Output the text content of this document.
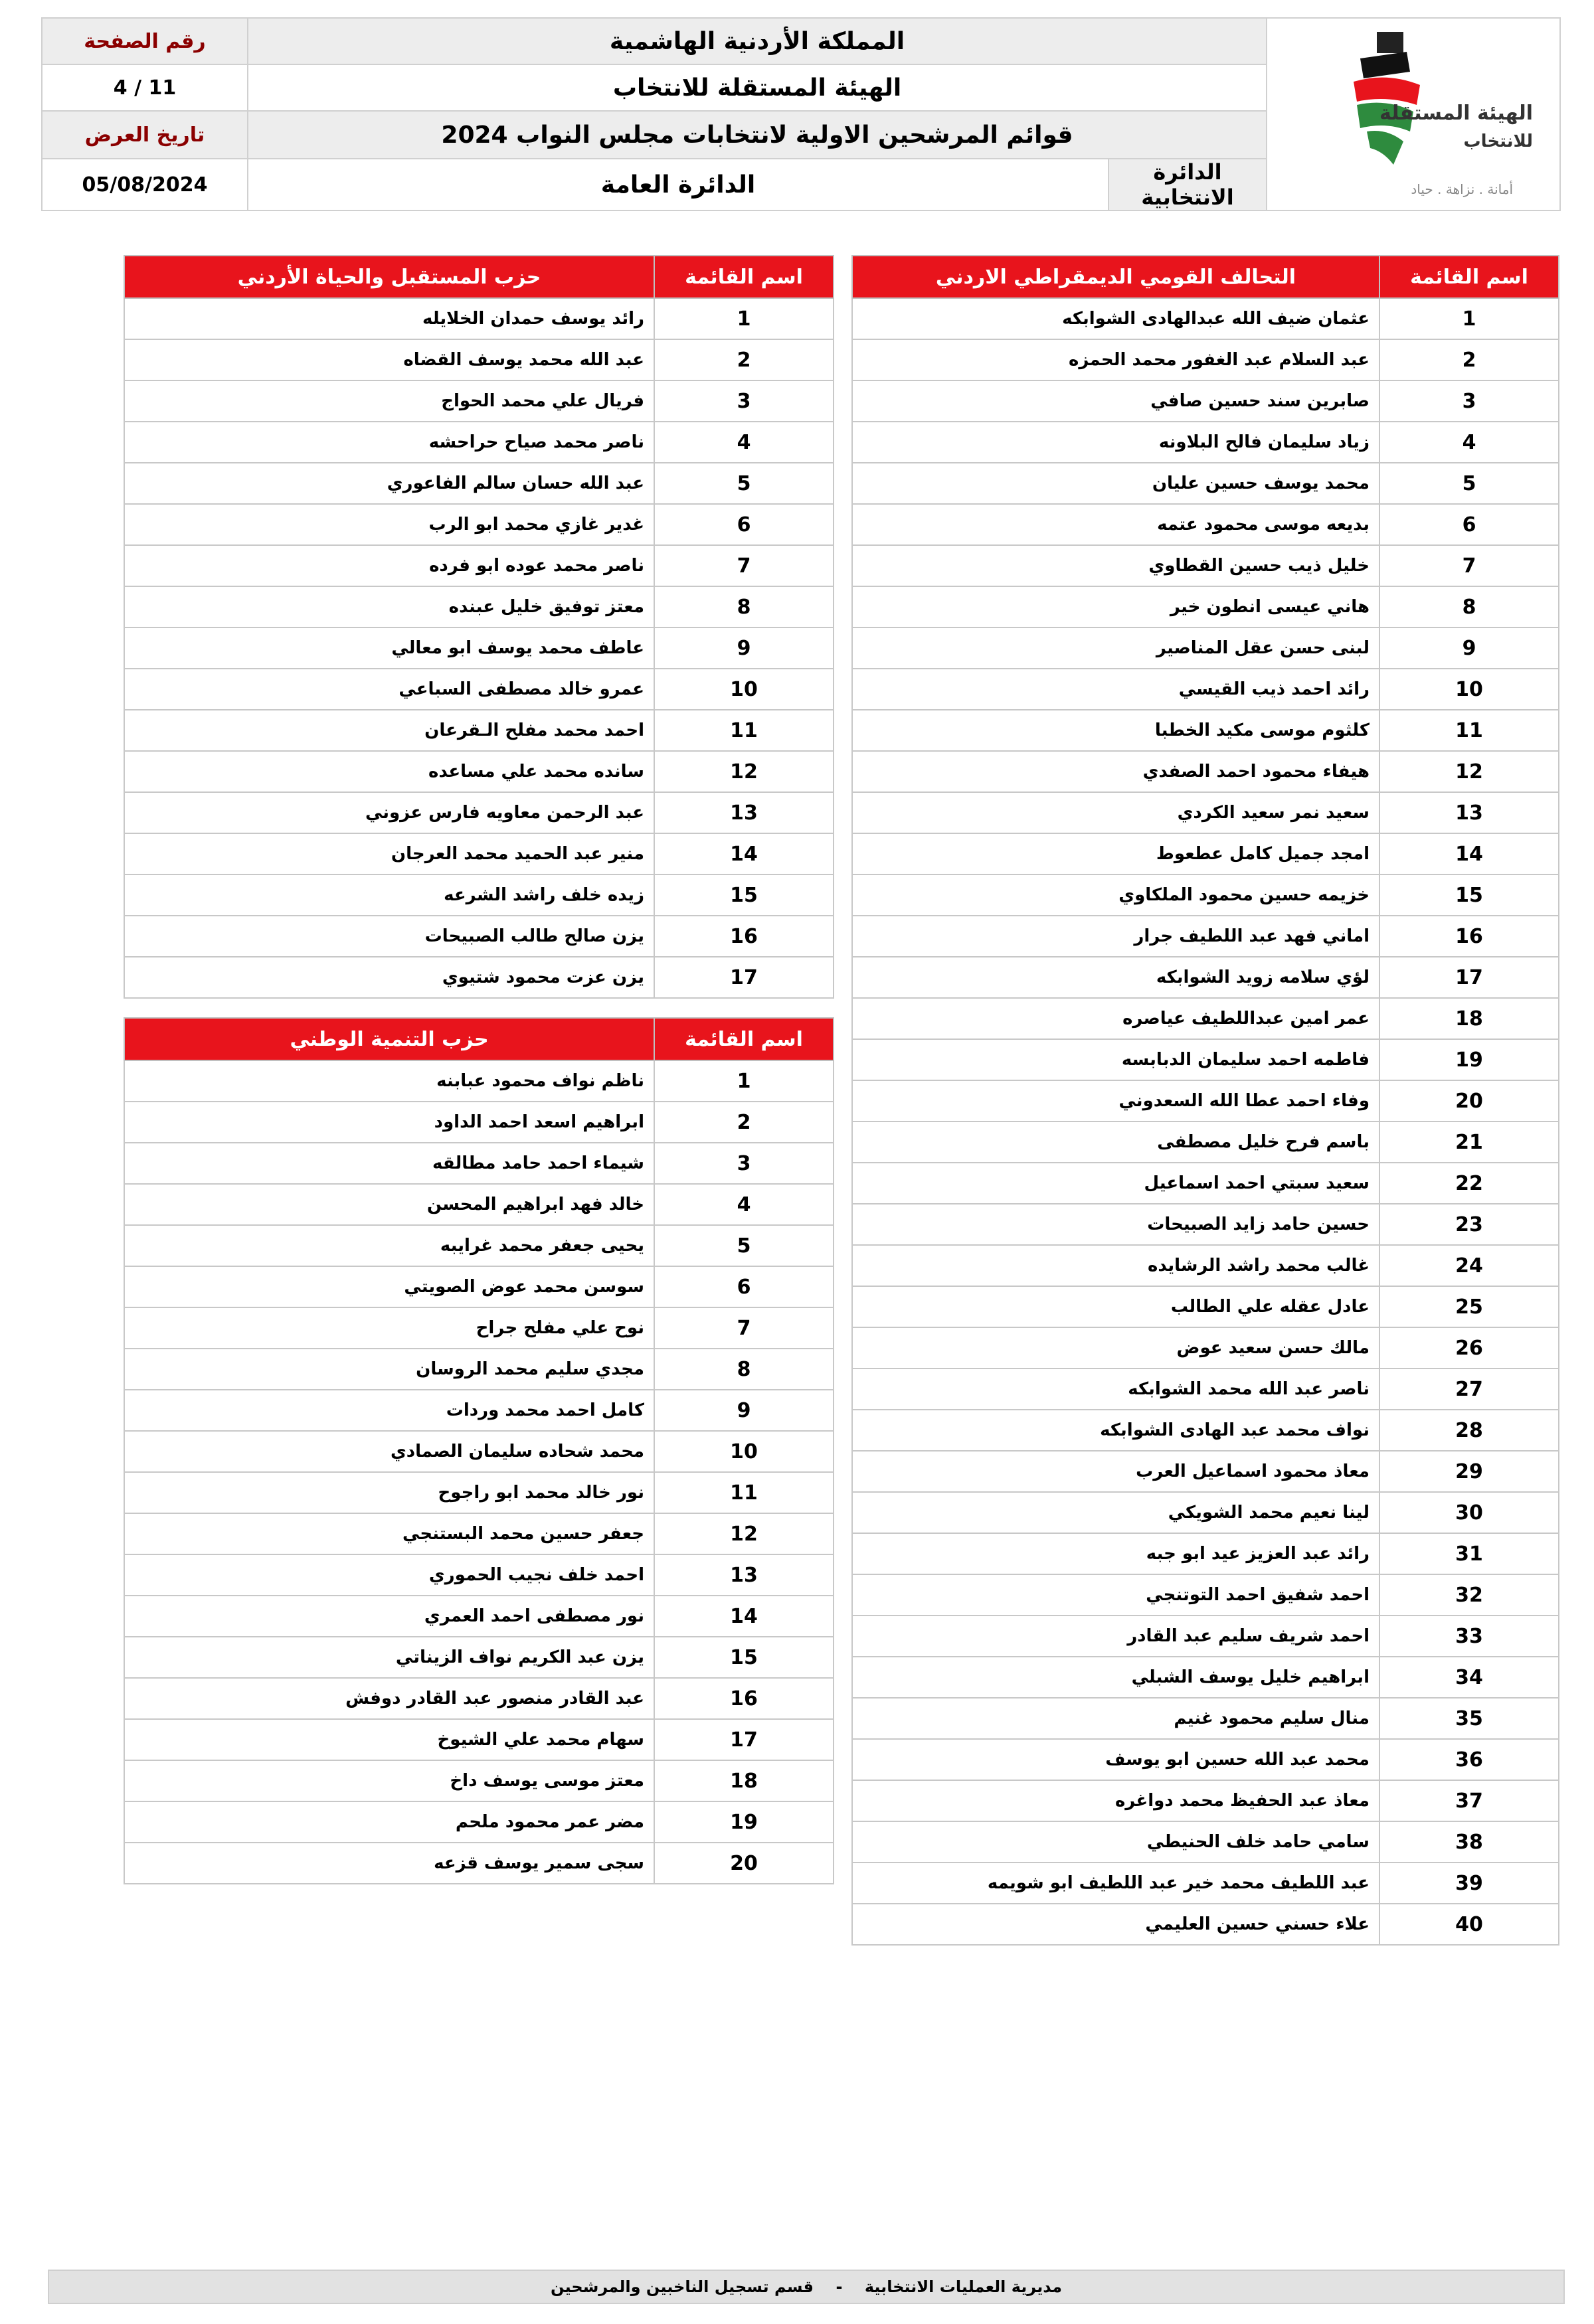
رقم الصفحة	المملكة الأردنية الهاشمية		الهيئة المستقلة
للانتخاب
أمانة . نزاهة . حياد

4 / 11	الهيئة المستقلة للانتخاب		
تاريخ العرض	قوائم المرشحين الاولية لانتخابات مجلس النواب 2024		
05/08/2024	الدائرة العامة	الدائرة الانتخابية	
اسم القائمة	التحالف القومي الديمقراطي الاردني
1	عثمان ضيف الله عبدالهادى الشوابكه
2	عبد السلام عبد الغفور محمد الحمزه
3	صابرين سند حسين صافي
4	زياد سليمان فالح البلاونه
5	محمد يوسف حسين عليان
6	بديعه موسى محمود عتمه
7	خليل ذيب حسين القطاوي
8	هاني عيسى انطون خير
9	لبنى حسن عقل المناصير
10	رائد احمد ذيب القيسي
11	كلثوم موسى مكيد الخطبا
12	هيفاء محمود احمد الصفدي
13	سعيد نمر سعيد الكردي
14	امجد جميل كامل عطعوط
15	خزيمه حسين محمود الملكاوي
16	اماني فهد عبد اللطيف جرار
17	لؤي سلامه زويد الشوابكه
18	عمر امين عبداللطيف عياصره
19	فاطمه احمد سليمان الدبابسه
20	وفاء احمد عطا الله السعدوني
21	باسم فرح خليل مصطفى
22	سعيد سبتي احمد اسماعيل
23	حسين حامد زايد الصبيحات
24	غالب محمد راشد الرشايده
25	عادل عقله علي الطالب
26	مالك حسن سعيد عوض
27	ناصر عبد الله محمد الشوابكه
28	نواف محمد عبد الهادى الشوابكه
29	معاذ محمود اسماعيل العرب
30	لينا نعيم محمد الشويكي
31	رائد عبد العزيز عيد ابو جبه
32	احمد شفيق احمد التوتنجي
33	احمد شريف سليم عبد القادر
34	ابراهيم خليل يوسف الشبلي
35	منال سليم محمود غنيم
36	محمد عبد الله حسين ابو يوسف
37	معاذ عبد الحفيظ محمد دواغره
38	سامي حامد خلف الحنيطي
39	عبد اللطيف محمد خير عبد اللطيف ابو شويمه
40	علاء حسني حسين العليمي
اسم القائمة	حزب المستقبل والحياة الأردني
1	رائد يوسف حمدان الخلايله
2	عبد الله محمد يوسف القضاه
3	فريال علي محمد الحواج
4	ناصر محمد صياح حراحشه
5	عبد الله حسان سالم الفاعوري
6	غدير غازي محمد ابو الرب
7	ناصر محمد عوده ابو فرده
8	معتز توفيق خليل عبنده
9	عاطف محمد يوسف ابو معالي
10	عمرو خالد مصطفى السباعي
11	احمد محمد مفلح الـقرعان
12	سانده محمد علي مساعده
13	عبد الرحمن معاويه فارس عزوني
14	منير عبد الحميد محمد العرجان
15	زيده خلف راشد الشرعه
16	يزن صالح طالب الصبيحات
17	يزن عزت محمود شتيوي
اسم القائمة	حزب التنمية الوطني
1	ناظم نواف محمود عبابنه
2	ابراهيم اسعد احمد الداود
3	شيماء احمد حامد مطالقه
4	خالد فهد ابراهيم المحسن
5	يحيى جعفر محمد غرايبه
6	سوسن محمد عوض الصويتي
7	نوح علي مفلح جراح
8	مجدي سليم محمد الروسان
9	كامل احمد محمد وردات
10	محمد شحاده سليمان الصمادي
11	نور خالد محمد ابو راجوح
12	جعفر حسين محمد البستنجي
13	احمد خلف نجيب الحموري
14	نور مصطفى احمد العمري
15	يزن عبد الكريم نواف الزيناتي
16	عبد القادر منصور عبد القادر دوفش
17	سهام محمد علي الشيوخ
18	معتز موسى يوسف داخ
19	مضر عمر محمود ملحم
20	سجى سمير يوسف قزعه
مديرية العمليات الانتخابية    -    قسم تسجيل الناخبين والمرشحين
